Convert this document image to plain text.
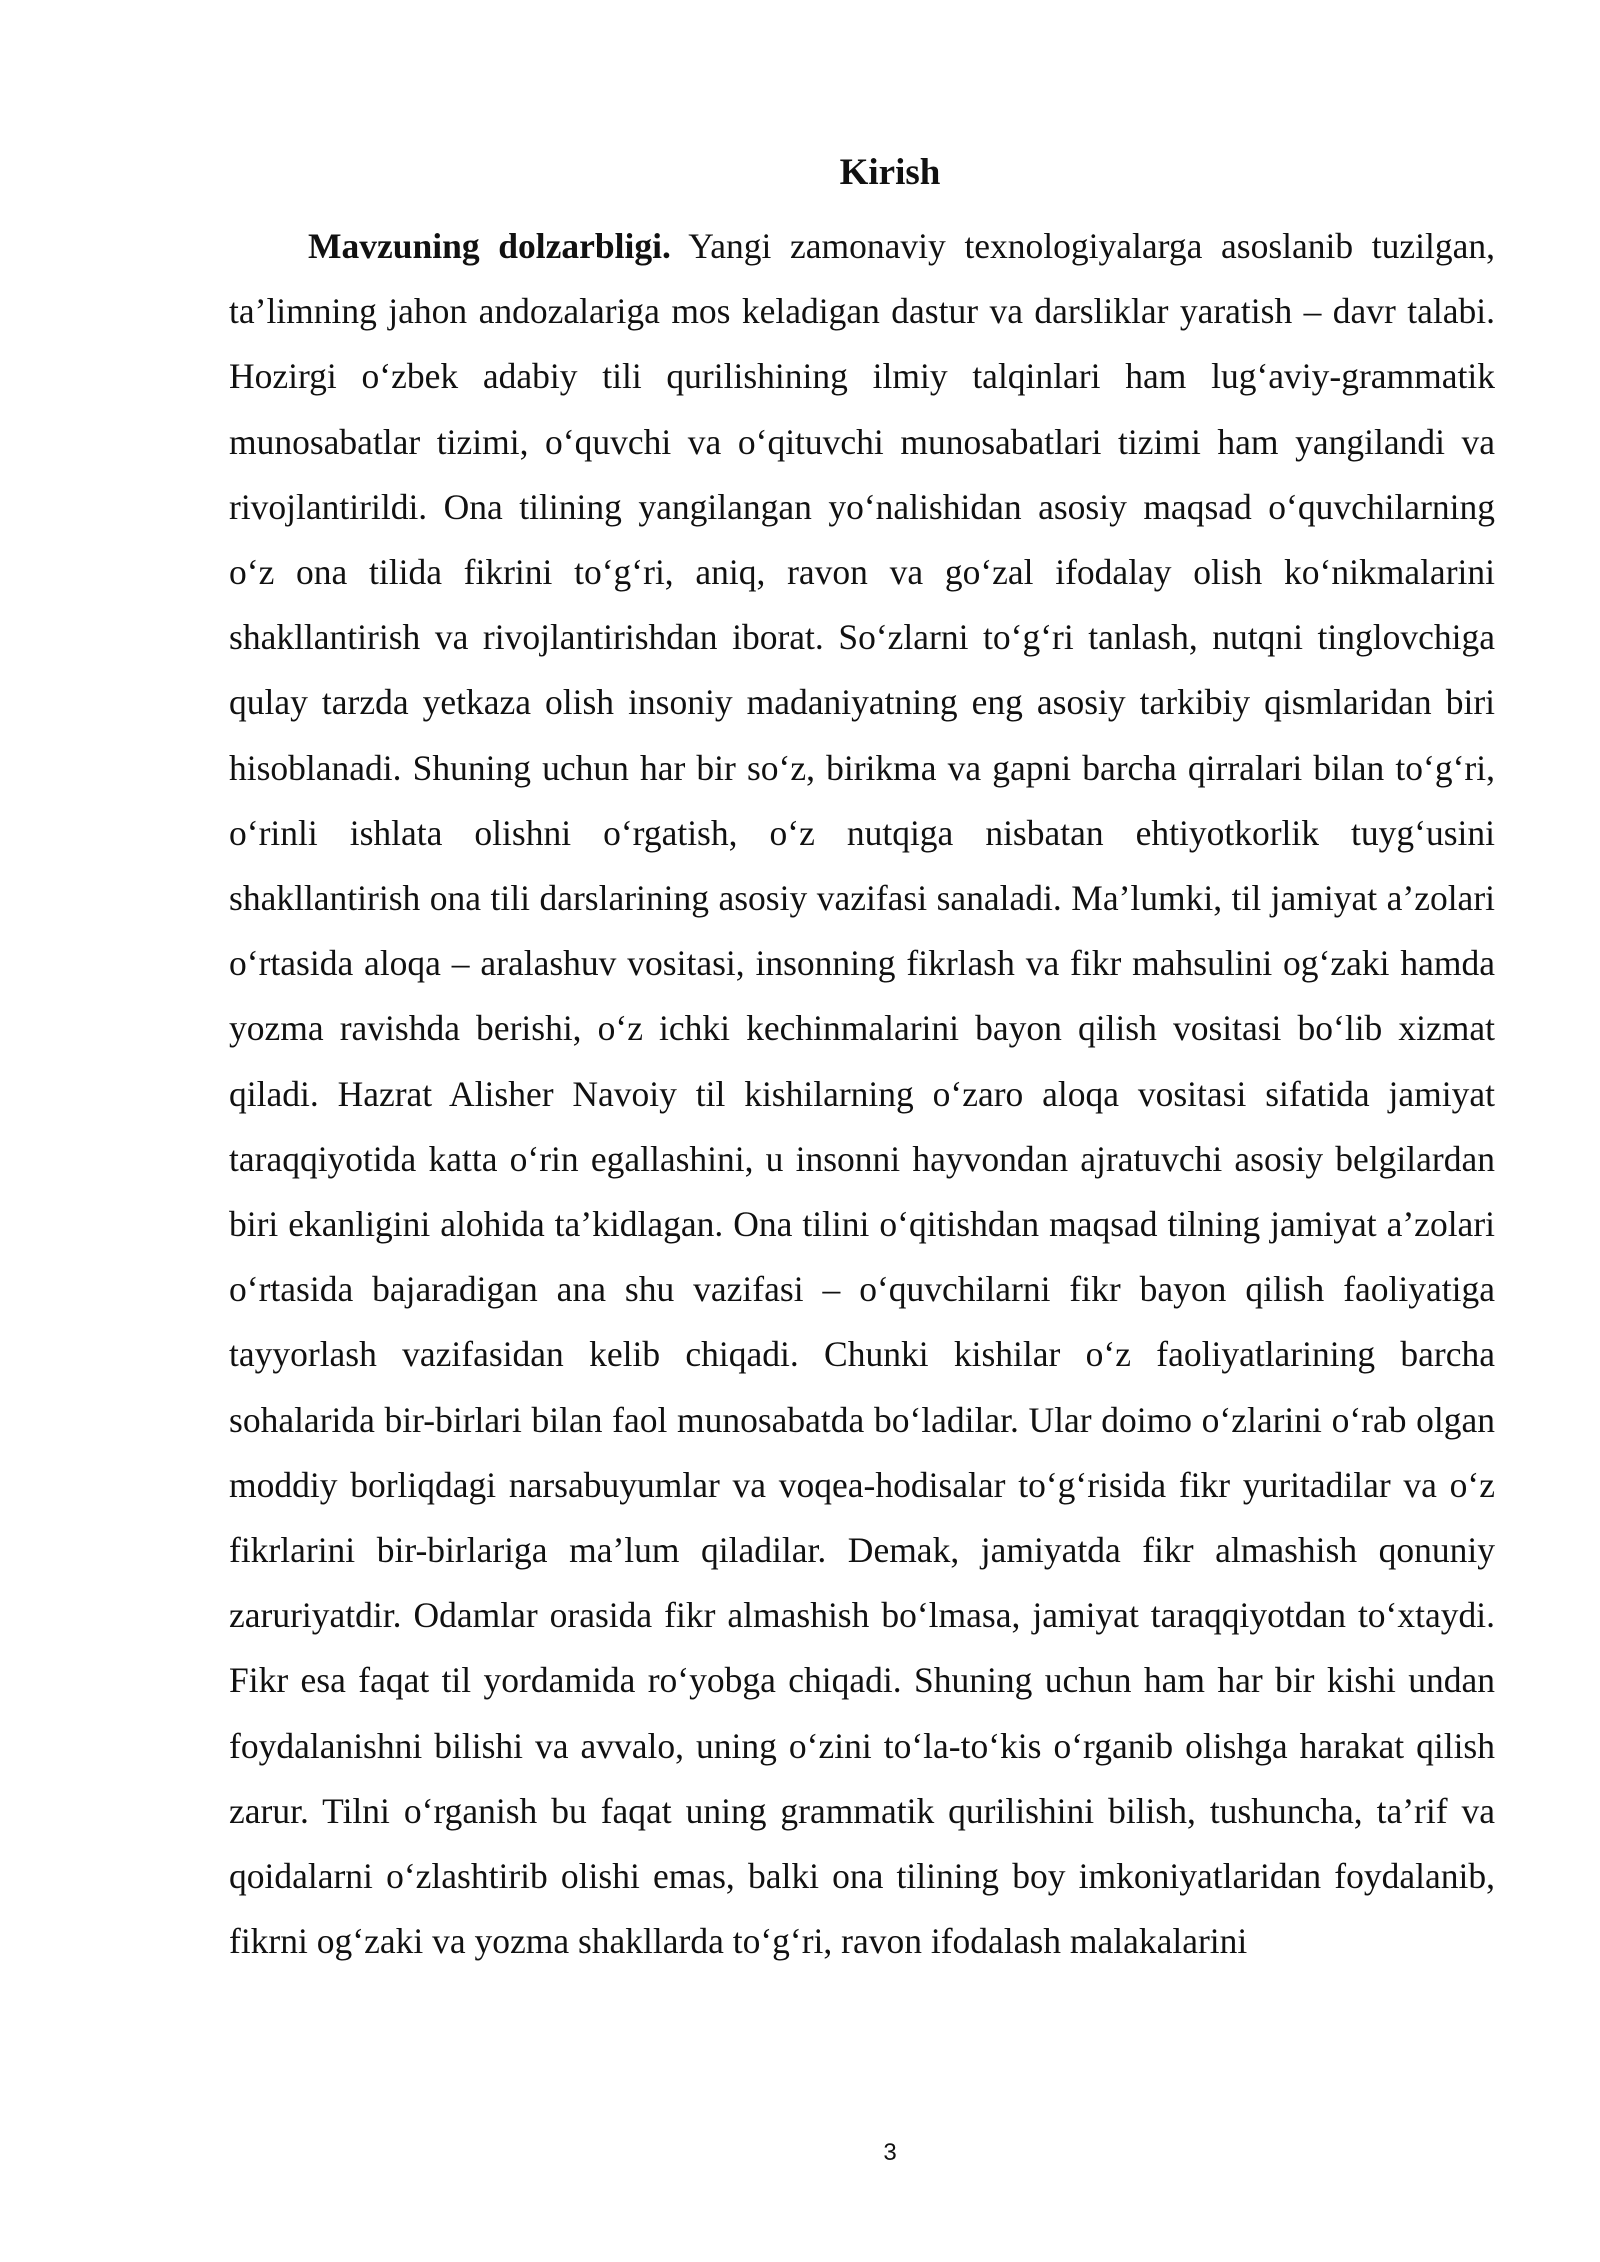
Kirish

Mavzuning dolzarbligi. Yangi zamonaviy texnologiyalarga asoslanib tuzilgan, ta’limning jahon andozalariga mos keladigan dastur va darsliklar yaratish – davr talabi. Hozirgi o‘zbek adabiy tili qurilishining ilmiy talqinlari ham lug‘aviy-grammatik munosabatlar tizimi, o‘quvchi va o‘qituvchi munosabatlari tizimi ham yangilandi va rivojlantirildi. Ona tilining yangilangan yo‘nalishidan asosiy maqsad o‘quvchilarning o‘z ona tilida fikrini to‘g‘ri, aniq, ravon va go‘zal ifodalay olish ko‘nikmalarini shakllantirish va rivojlantirishdan iborat. So‘zlarni to‘g‘ri tanlash, nutqni tinglovchiga qulay tarzda yetkaza olish insoniy madaniyatning eng asosiy tarkibiy qismlaridan biri hisoblanadi. Shuning uchun har bir so‘z, birikma va gapni barcha qirralari bilan to‘g‘ri, o‘rinli ishlata olishni o‘rgatish, o‘z nutqiga nisbatan ehtiyotkorlik tuyg‘usini shakllantirish ona tili darslarining asosiy vazifasi sanaladi. Ma’lumki, til jamiyat a’zolari o‘rtasida aloqa – aralashuv vositasi, insonning fikrlash va fikr mahsulini og‘zaki hamda yozma ravishda berishi, o‘z ichki kechinmalarini bayon qilish vositasi bo‘lib xizmat qiladi. Hazrat Alisher Navoiy til kishilarning o‘zaro aloqa vositasi sifatida jamiyat taraqqiyotida katta o‘rin egallashini, u insonni hayvondan ajratuvchi asosiy belgilardan biri ekanligini alohida ta’kidlagan. Ona tilini o‘qitishdan maqsad tilning jamiyat a’zolari o‘rtasida bajaradigan ana shu vazifasi – o‘quvchilarni fikr bayon qilish faoliyatiga tayyorlash vazifasidan kelib chiqadi. Chunki kishilar o‘z faoliyatlarining barcha sohalarida bir-birlari bilan faol munosabatda bo‘ladilar. Ular doimo o‘zlarini o‘rab olgan moddiy borliqdagi narsabuyumlar va voqea-hodisalar to‘g‘risida fikr yuritadilar va o‘z fikrlarini bir-birlariga ma’lum qiladilar. Demak, jamiyatda fikr almashish qonuniy zaruriyatdir. Odamlar orasida fikr almashish bo‘lmasa, jamiyat taraqqiyotdan to‘xtaydi. Fikr esa faqat til yordamida ro‘yobga chiqadi. Shuning uchun ham har bir kishi undan foydalanishni bilishi va avvalo, uning o‘zini to‘la-to‘kis o‘rganib olishga harakat qilish zarur. Tilni o‘rganish bu faqat uning grammatik qurilishini bilish, tushuncha, ta’rif va qoidalarni o‘zlashtirib olishi emas, balki ona tilining boy imkoniyatlaridan foydalanib, fikrni og‘zaki va yozma shakllarda to‘g‘ri, ravon ifodalash malakalarini

3
